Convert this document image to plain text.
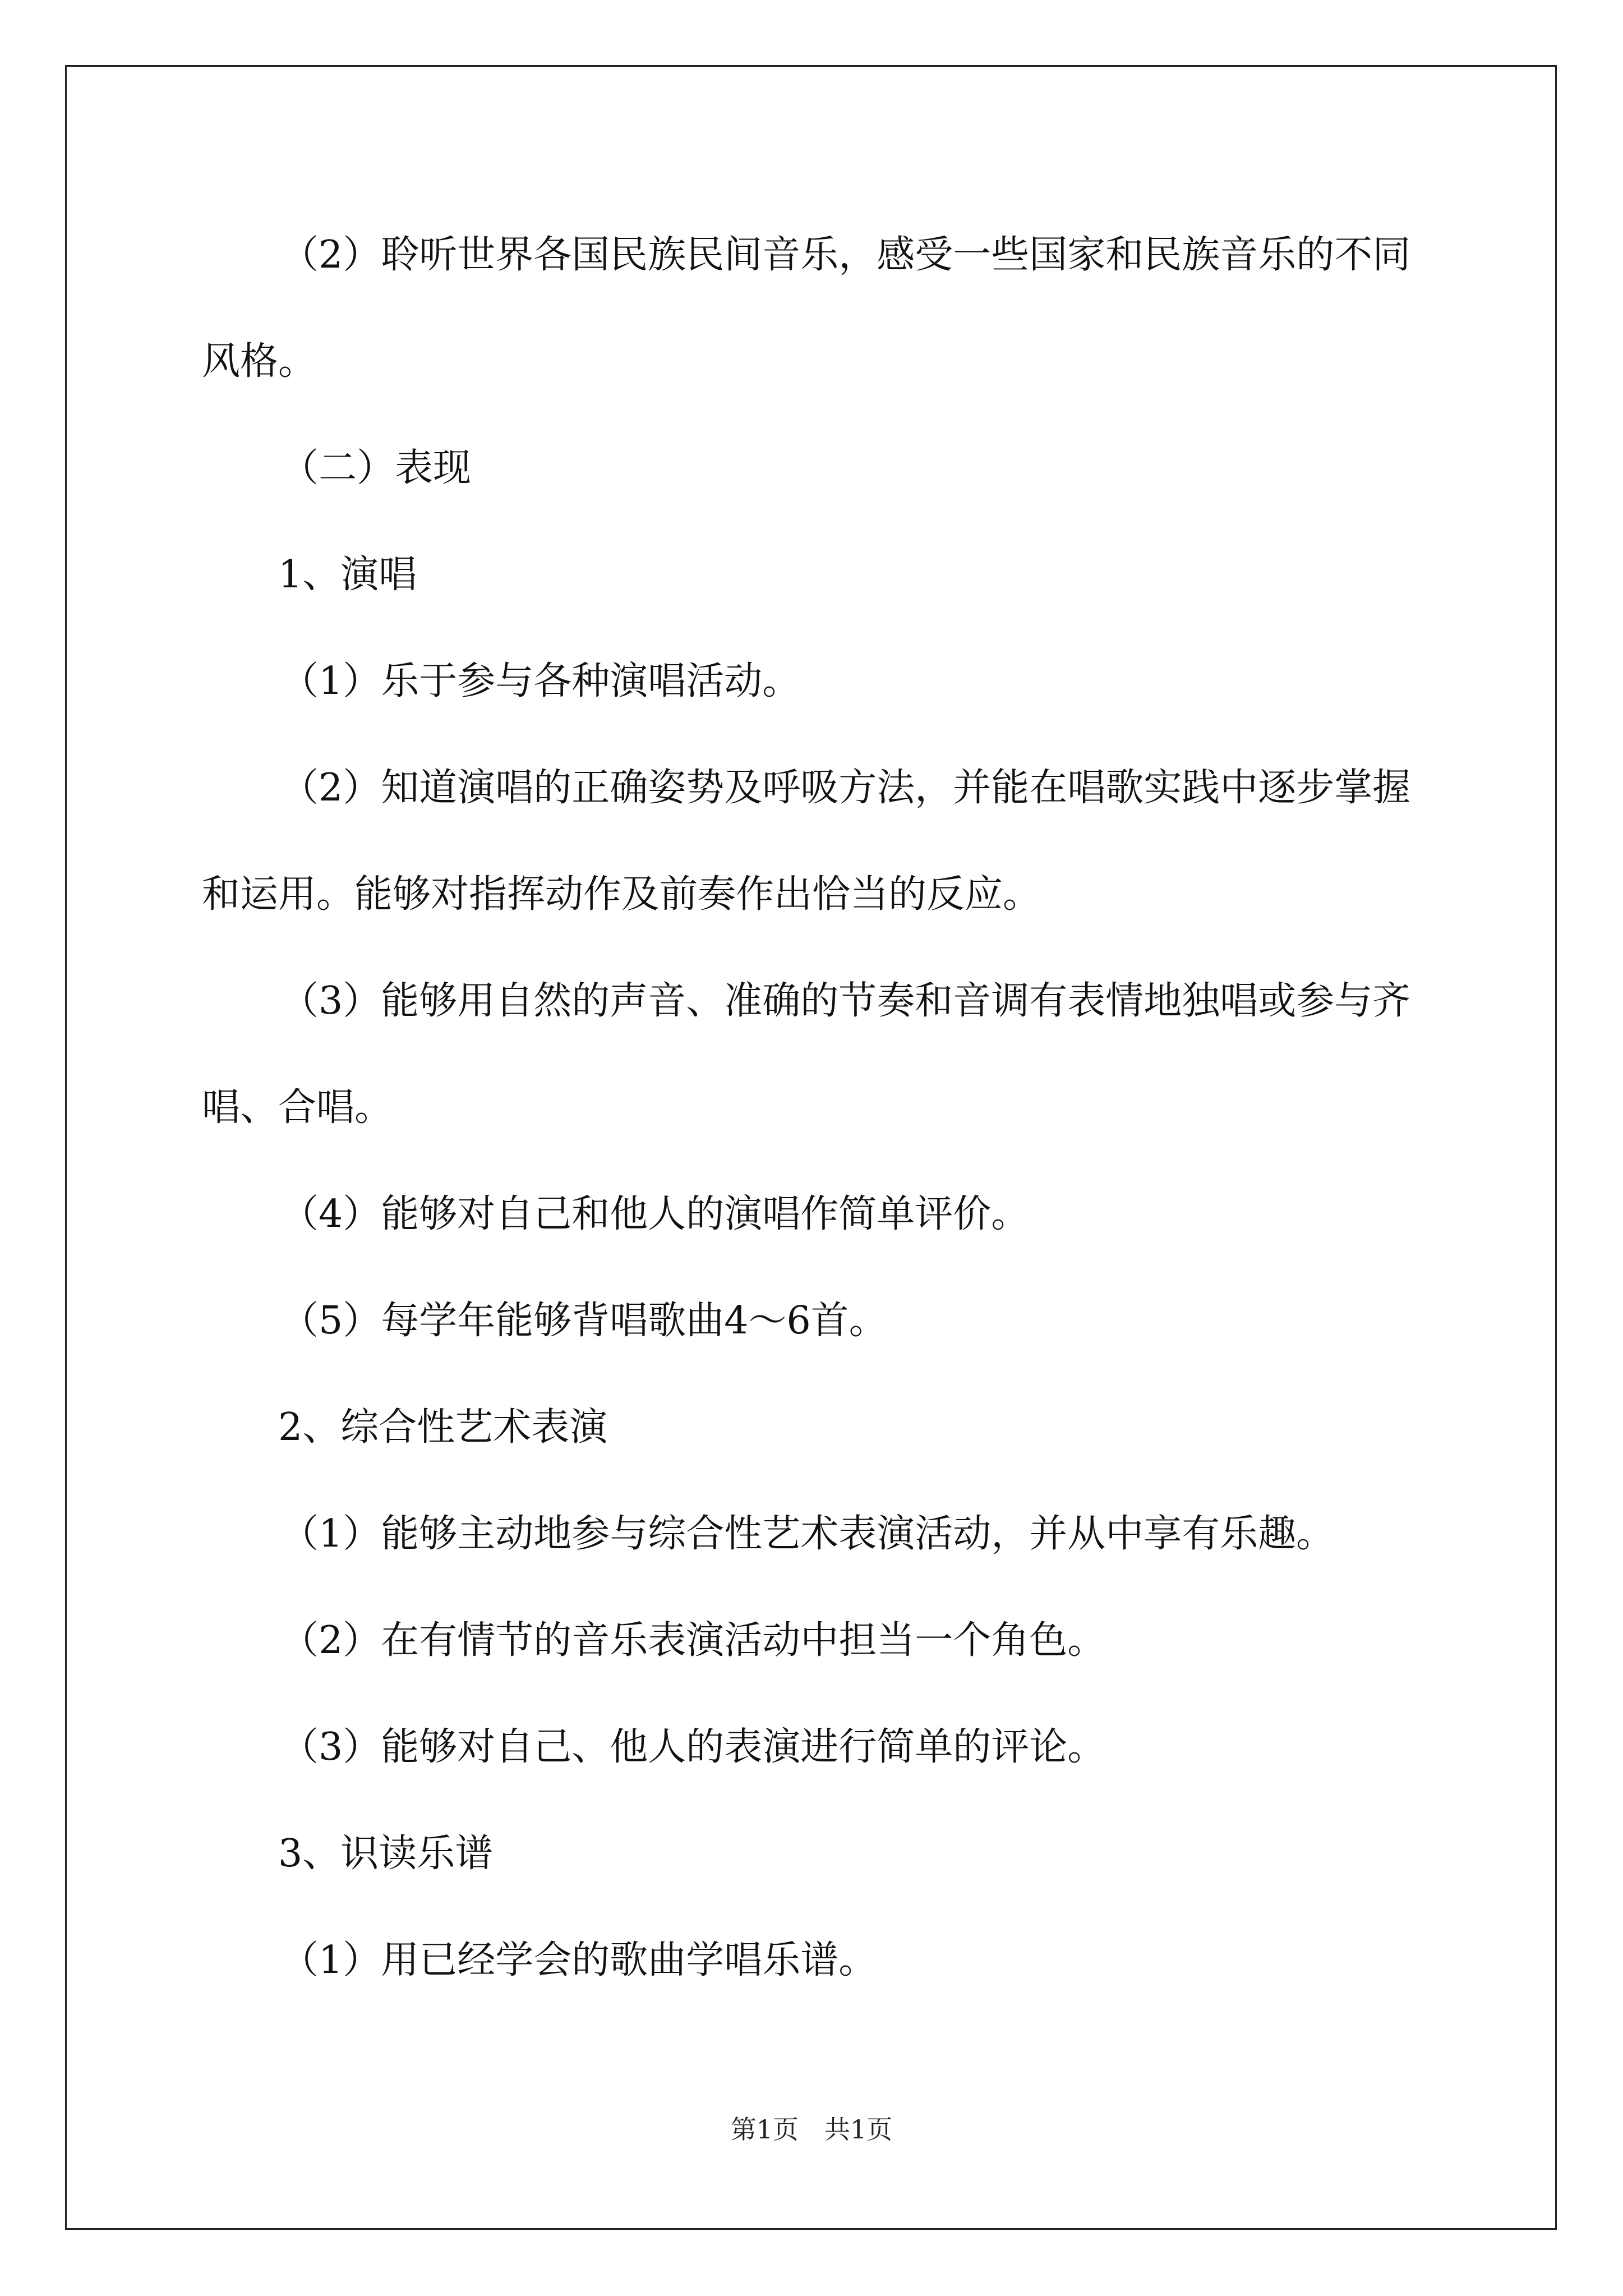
（2）聆听世界各国民族民间音乐，感受一些国家和民族音乐的不同风格。

（二）表现

1、演唱

（1）乐于参与各种演唱活动。

（2）知道演唱的正确姿势及呼吸方法，并能在唱歌实践中逐步掌握和运用。能够对指挥动作及前奏作出恰当的反应。

（3）能够用自然的声音、准确的节奏和音调有表情地独唱或参与齐唱、合唱。

（4）能够对自己和他人的演唱作简单评价。

（5）每学年能够背唱歌曲4～6首。

2、综合性艺术表演

（1）能够主动地参与综合性艺术表演活动，并从中享有乐趣。

（2）在有情节的音乐表演活动中担当一个角色。

（3）能够对自己、他人的表演进行简单的评论。

3、识读乐谱

（1）用已经学会的歌曲学唱乐谱。

第1页　共1页
